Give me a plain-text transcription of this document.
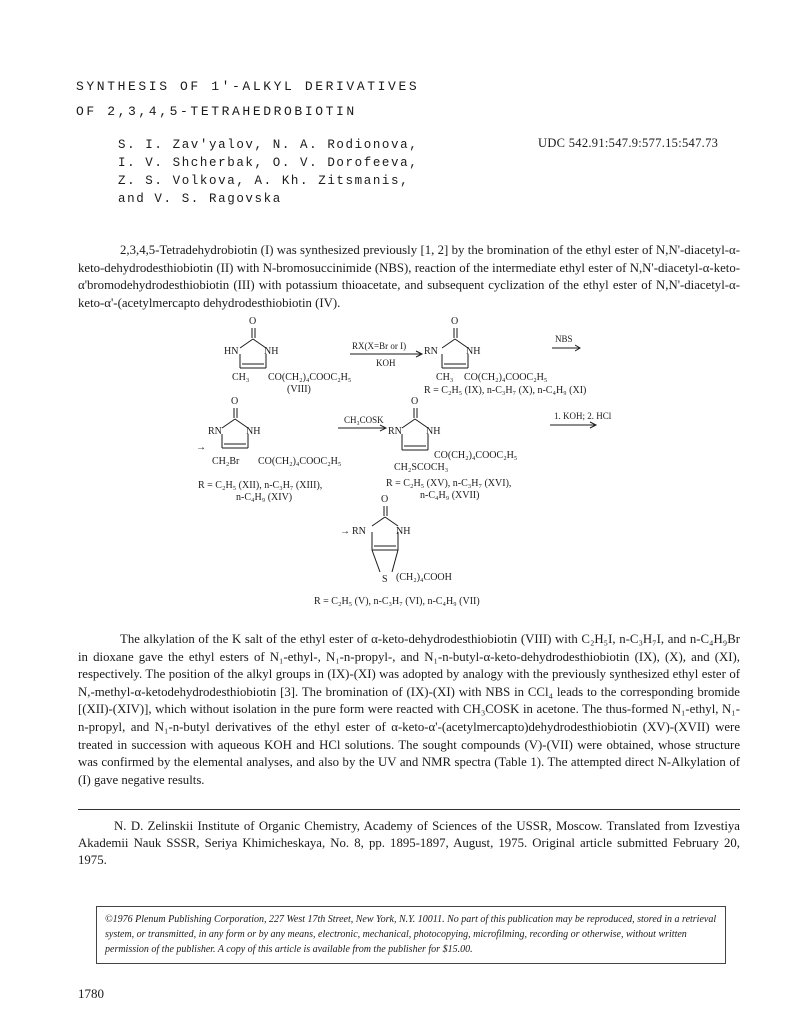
SYNTHESIS OF 1'-ALKYL DERIVATIVES
OF 2,3,4,5-TETRAHEDROBIOTIN
S. I. Zav'yalov, N. A. Rodionova,
I. V. Shcherbak, O. V. Dorofeeva,
Z. S. Volkova, A. Kh. Zitsmanis,
and V. S. Ragovska
UDC 542.91:547.9:577.15:547.73
2,3,4,5-Tetradehydrobiotin (I) was synthesized previously [1, 2] by the bromination of the ethyl ester of N,N'-diacetyl-α-keto-dehydrodesthiobiotin (II) with N-bromosuccinimide (NBS), reaction of the intermediate ethyl ester of N,N'-diacetyl-α-keto-α'bromodehydrodesthiobiotin (III) with potassium thioacetate, and subsequent cyclization of the ethyl ester of N,N'-diacetyl-α-keto-α'-(acetylmercapto dehydrodesthiobiotin (IV).
O
HN	NH
CH₃ CO(CH₂)₄COOC₂H₅
(VIII)
RX(X=Br or I)
KOH
O
RN	NH
CH₃ CO(CH₂)₄COOC₂H₅
R = C₂H₅ (IX), n-C₃H₇ (X), n-C₄H₉ (XI)
NBS
O
→
RN NH
CH₂Br CO(CH₂)₄COOC₂H₅
R = C₂H₅ (XII), n-C₃H₇ (XIII),
n-C₄H₉ (XIV)
CH₃COSK
O
RN NH
CO(CH₂)₄COOC₂H₅
CH₂SCOCH₃
R = C₂H₅ (XV), n-C₃H₇ (XVI),
n-C₄H₉ (XVII)
1. KOH; 2. HCl
O
→ RN	NH
S (CH₂)₄COOH
R = C₂H₅ (V), n-C₃H₇ (VI), n-C₄H₉ (VII)
The alkylation of the K salt of the ethyl ester of α-keto-dehydrodesthiobiotin (VIII) with C₂H₅I, n-C₃H₇I, and n-C₄H₉Br in dioxane gave the ethyl esters of N₁-ethyl-, N₁-n-propyl-, and N₁-n-butyl-α-keto-dehydrodesthiobiotin (IX), (X), and (XI), respectively. The position of the alkyl groups in (IX)-(XI) was adopted by analogy with the previously synthesized ethyl ester of N,-methyl-α-ketodehydrodesthiobiotin [3]. The bromination of (IX)-(XI) with NBS in CCl₄ leads to the corresponding bromide [(XII)-(XIV)], which without isolation in the pure form were reacted with CH₃COSK in acetone. The thus-formed N₁-ethyl, N₁-n-propyl, and N₁-n-butyl derivatives of the ethyl ester of α-keto-α'-(acetylmercapto)dehydrodesthiobiotin (XV)-(XVII) were treated in succession with aqueous KOH and HCl solutions. The sought compounds (V)-(VII) were obtained, whose structure was confirmed by the elemental analyses, and also by the UV and NMR spectra (Table 1). The attempted direct N-Alkylation of (I) gave negative results.
N. D. Zelinskii Institute of Organic Chemistry, Academy of Sciences of the USSR, Moscow. Translated from Izvestiya Akademii Nauk SSSR, Seriya Khimicheskaya, No. 8, pp. 1895-1897, August, 1975. Original article submitted February 20, 1975.
©1976 Plenum Publishing Corporation, 227 West 17th Street, New York, N.Y. 10011. No part of this publication may be reproduced, stored in a retrieval system, or transmitted, in any form or by any means, electronic, mechanical, photocopying, microfilming, recording or otherwise, without written permission of the publisher. A copy of this article is available from the publisher for $15.00.
1780
